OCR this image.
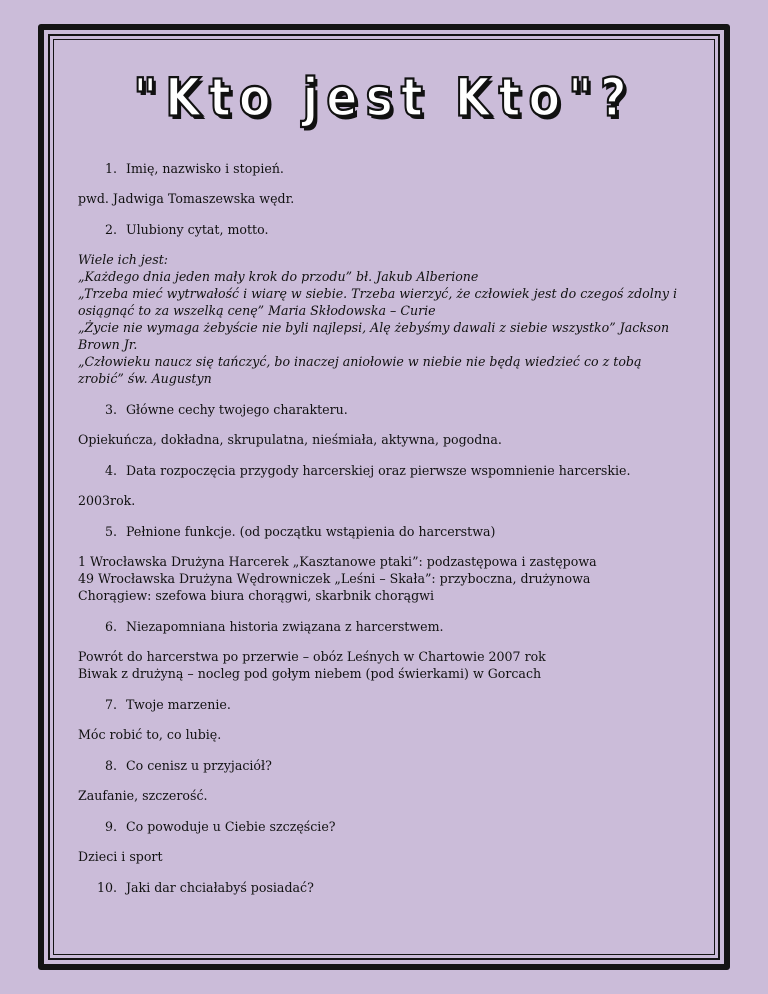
"Kto jest Kto"?
1. Imię, nazwisko i stopień.

pwd. Jadwiga Tomaszewska wędr.

2. Ulubiony cytat, motto.

Wiele ich jest:

„Każdego dnia jeden mały krok do przodu” bł. Jakub Alberione

„Trzeba mieć wytrwałość i wiarę w siebie. Trzeba wierzyć, że człowiek jest do czegoś zdolny i osiągnąć to za wszelką cenę” Maria Skłodowska – Curie

„Życie nie wymaga żebyście nie byli najlepsi, Alę żebyśmy dawali z siebie wszystko” Jackson Brown Jr.

„Człowieku naucz się tańczyć, bo inaczej aniołowie w niebie nie będą wiedzieć co z tobą zrobić” św. Augustyn

3. Główne cechy twojego charakteru.

Opiekuńcza, dokładna, skrupulatna, nieśmiała, aktywna, pogodna.

4. Data rozpoczęcia przygody harcerskiej oraz pierwsze wspomnienie harcerskie.

2003rok.

5. Pełnione funkcje. (od początku wstąpienia do harcerstwa)

1 Wrocławska Drużyna Harcerek „Kasztanowe ptaki”: podzastępowa i zastępowa

49 Wrocławska Drużyna Wędrowniczek „Leśni – Skała”: przyboczna, drużynowa

Chorągiew: szefowa biura chorągwi, skarbnik chorągwi

6. Niezapomniana historia związana z harcerstwem.

Powrót do harcerstwa po przerwie – obóz Leśnych w Chartowie 2007 rok

Biwak z drużyną – nocleg pod gołym niebem (pod świerkami) w Gorcach

7. Twoje marzenie.

Móc robić to, co lubię.

8. Co cenisz u przyjaciół?

Zaufanie, szczerość.

9. Co powoduje u Ciebie szczęście?

Dzieci i sport

10. Jaki dar chciałabyś posiadać?
